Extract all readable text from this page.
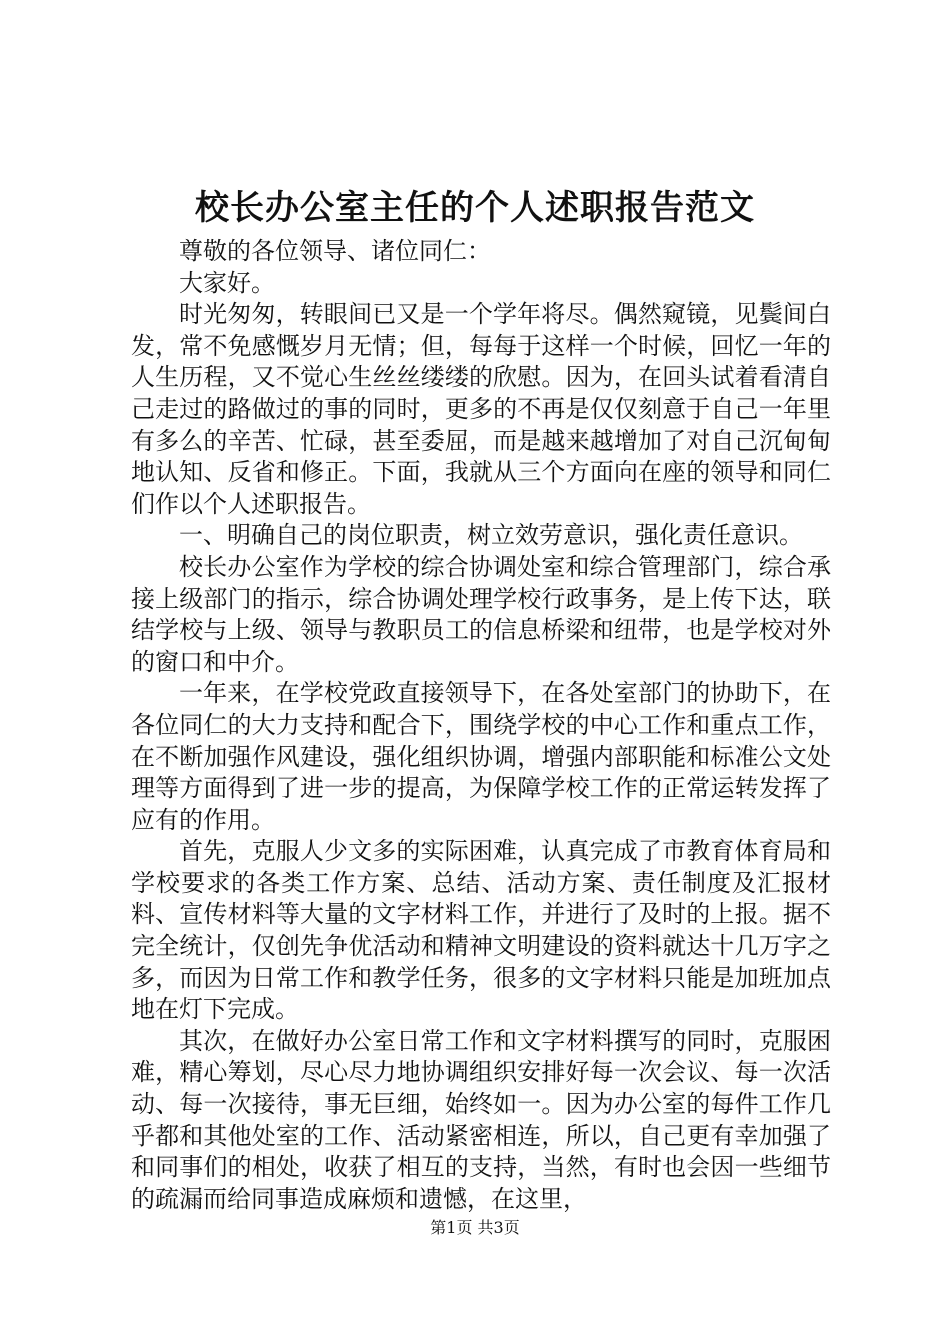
校长办公室主任的个人述职报告范文

尊敬的各位领导、诸位同仁：

大家好。

时光匆匆，转眼间已又是一个学年将尽。偶然窥镜，见鬓间白发，常不免感慨岁月无情；但，每每于这样一个时候，回忆一年的人生历程，又不觉心生丝丝缕缕的欣慰。因为，在回头试着看清自己走过的路做过的事的同时，更多的不再是仅仅刻意于自己一年里有多么的辛苦、忙碌，甚至委屈，而是越来越增加了对自己沉甸甸地认知、反省和修正。下面，我就从三个方面向在座的领导和同仁们作以个人述职报告。

一、明确自己的岗位职责，树立效劳意识，强化责任意识。

校长办公室作为学校的综合协调处室和综合管理部门，综合承接上级部门的指示，综合协调处理学校行政事务，是上传下达，联结学校与上级、领导与教职员工的信息桥梁和纽带，也是学校对外的窗口和中介。

一年来，在学校党政直接领导下，在各处室部门的协助下，在各位同仁的大力支持和配合下，围绕学校的中心工作和重点工作，在不断加强作风建设，强化组织协调，增强内部职能和标准公文处理等方面得到了进一步的提高，为保障学校工作的正常运转发挥了应有的作用。

首先，克服人少文多的实际困难，认真完成了市教育体育局和学校要求的各类工作方案、总结、活动方案、责任制度及汇报材料、宣传材料等大量的文字材料工作，并进行了及时的上报。据不完全统计，仅创先争优活动和精神文明建设的资料就达十几万字之多，而因为日常工作和教学任务，很多的文字材料只能是加班加点地在灯下完成。

其次，在做好办公室日常工作和文字材料撰写的同时，克服困难，精心筹划，尽心尽力地协调组织安排好每一次会议、每一次活动、每一次接待，事无巨细，始终如一。因为办公室的每件工作几乎都和其他处室的工作、活动紧密相连，所以，自己更有幸加强了和同事们的相处，收获了相互的支持，当然，有时也会因一些细节的疏漏而给同事造成麻烦和遗憾，在这里，

第1页 共3页
